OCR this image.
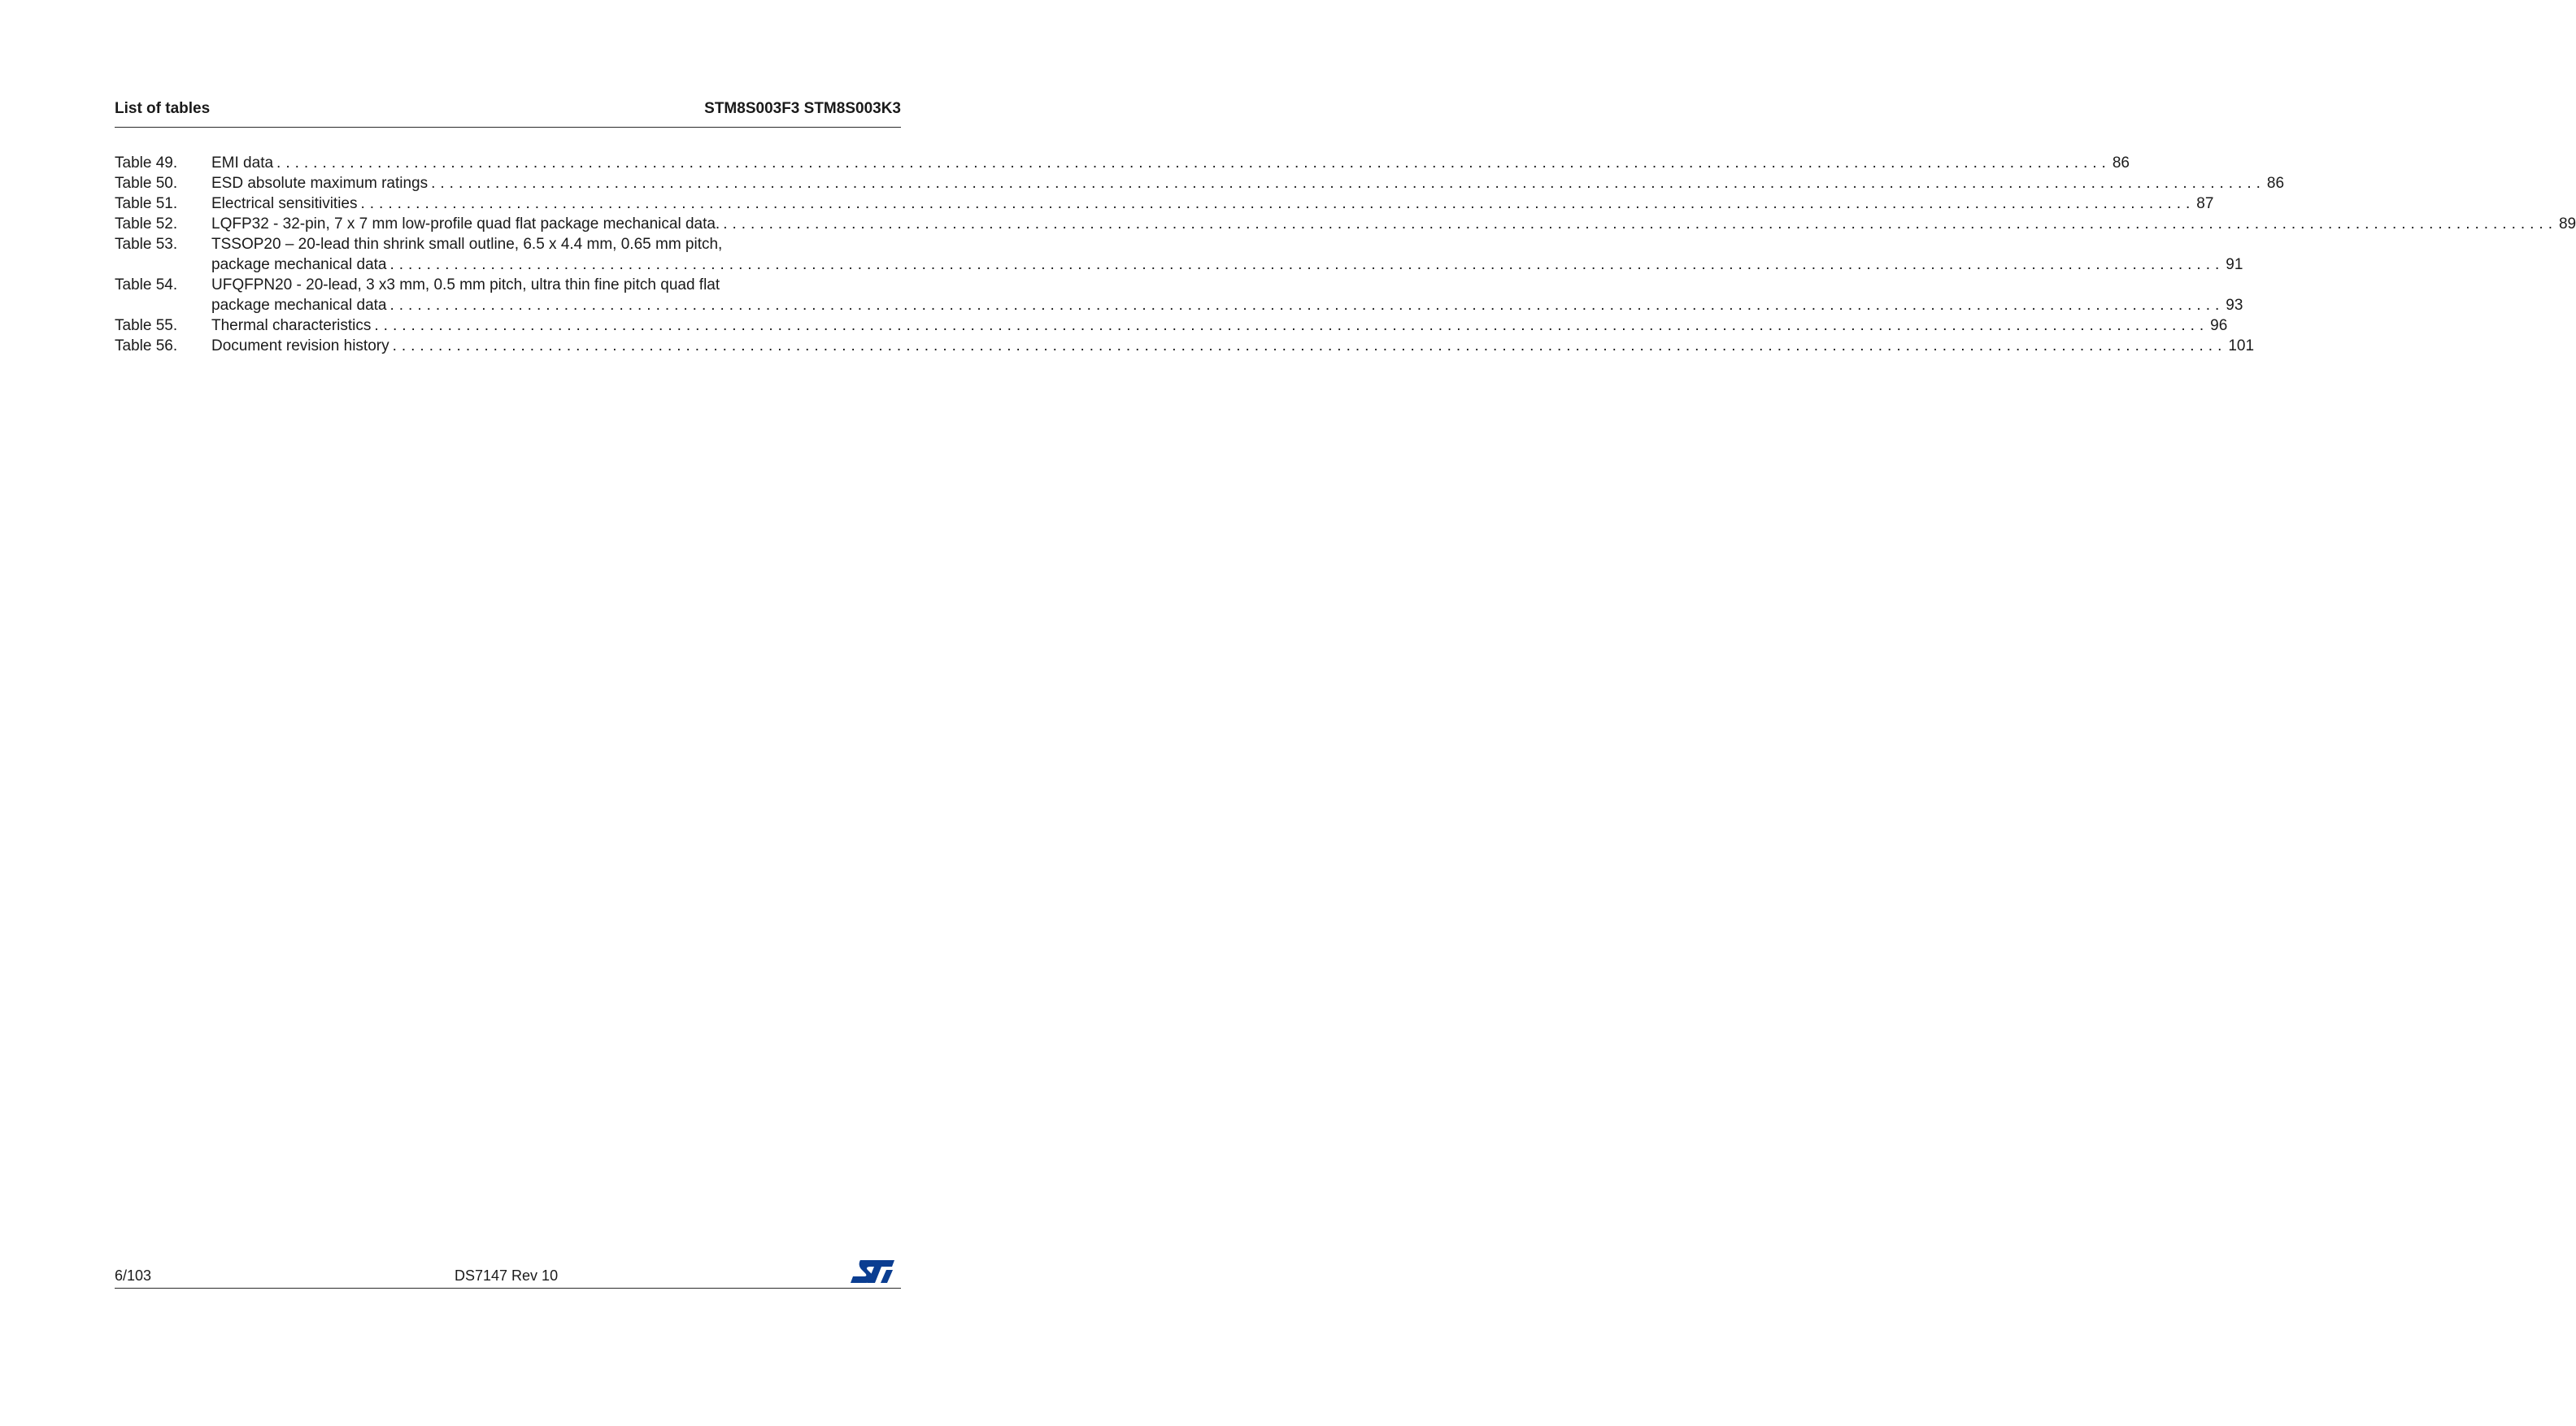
List of tables	STM8S003F3 STM8S003K3
Table 49. EMI data ........................................................................................................................................................................................................ 86
Table 50. ESD absolute maximum ratings ........................................................................................................................................................................................................ 86
Table 51. Electrical sensitivities ........................................................................................................................................................................................................ 87
Table 52. LQFP32 - 32-pin, 7 x 7 mm low-profile quad flat package mechanical data. ........................................................................................................................................................................................................ 89
Table 53. TSSOP20 – 20-lead thin shrink small outline, 6.5 x 4.4 mm, 0.65 mm pitch,
package mechanical data ........................................................................................................................................................................................................ 91
Table 54. UFQFPN20 - 20-lead, 3 x3 mm, 0.5 mm pitch, ultra thin fine pitch quad flat
package mechanical data ........................................................................................................................................................................................................ 93
Table 55. Thermal characteristics ........................................................................................................................................................................................................ 96
Table 56. Document revision history ........................................................................................................................................................................................................ 101
6/103	DS7147 Rev 10
